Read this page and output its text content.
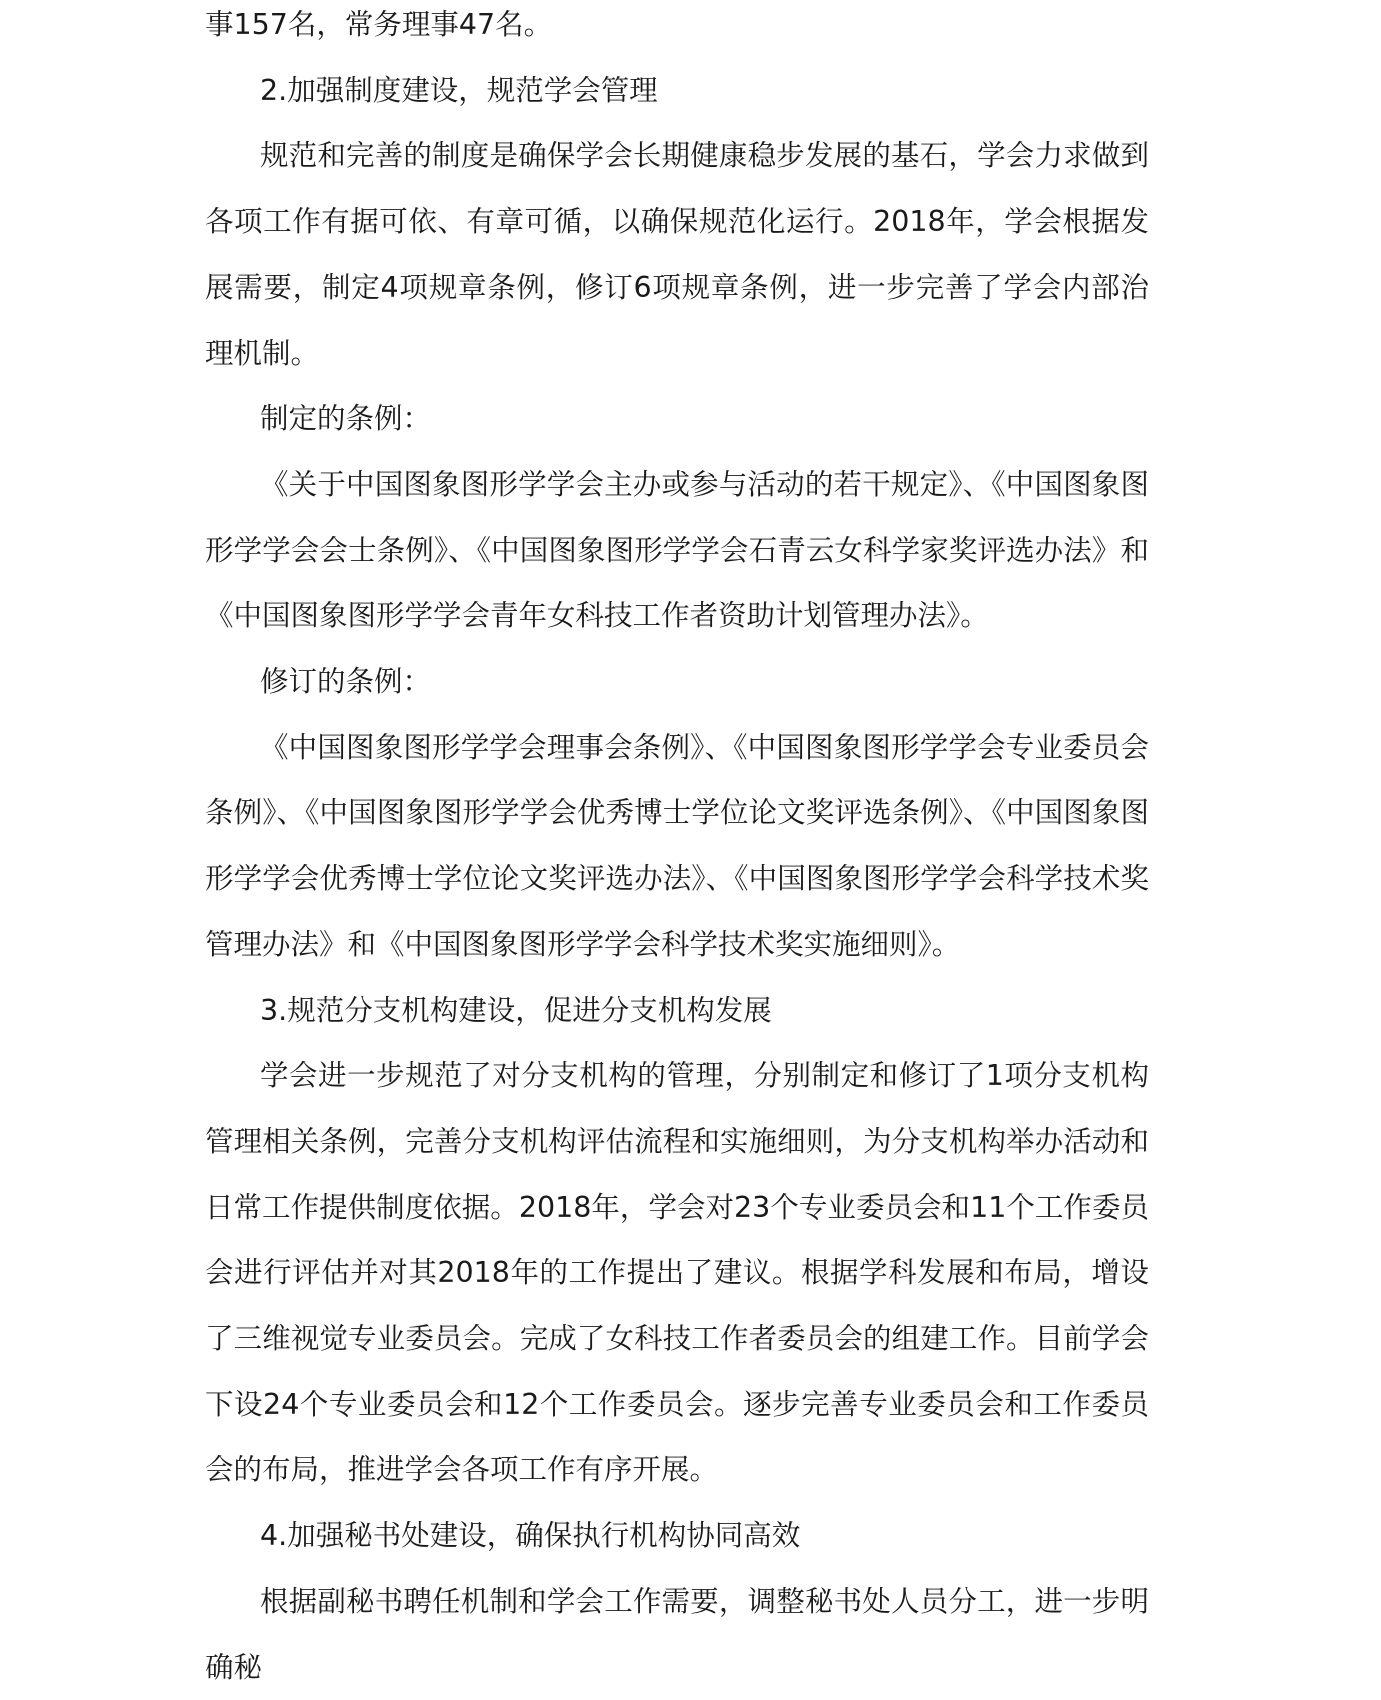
事157名，常务理事47名。

2.加强制度建设，规范学会管理

规范和完善的制度是确保学会长期健康稳步发展的基石，学会力求做到各项工作有据可依、有章可循，以确保规范化运行。2018年，学会根据发展需要，制定4项规章条例，修订6项规章条例，进一步完善了学会内部治理机制。

制定的条例：

《关于中国图象图形学学会主办或参与活动的若干规定》、《中国图象图形学学会会士条例》、《中国图象图形学学会石青云女科学家奖评选办法》和《中国图象图形学学会青年女科技工作者资助计划管理办法》。

修订的条例：

《中国图象图形学学会理事会条例》、《中国图象图形学学会专业委员会条例》、《中国图象图形学学会优秀博士学位论文奖评选条例》、《中国图象图形学学会优秀博士学位论文奖评选办法》、《中国图象图形学学会科学技术奖管理办法》和《中国图象图形学学会科学技术奖实施细则》。

3.规范分支机构建设，促进分支机构发展

学会进一步规范了对分支机构的管理，分别制定和修订了1项分支机构管理相关条例，完善分支机构评估流程和实施细则，为分支机构举办活动和日常工作提供制度依据。2018年，学会对23个专业委员会和11个工作委员会进行评估并对其2018年的工作提出了建议。根据学科发展和布局，增设了三维视觉专业委员会。完成了女科技工作者委员会的组建工作。目前学会下设24个专业委员会和12个工作委员会。逐步完善专业委员会和工作委员会的布局，推进学会各项工作有序开展。

4.加强秘书处建设，确保执行机构协同高效

根据副秘书聘任机制和学会工作需要，调整秘书处人员分工，进一步明确秘
